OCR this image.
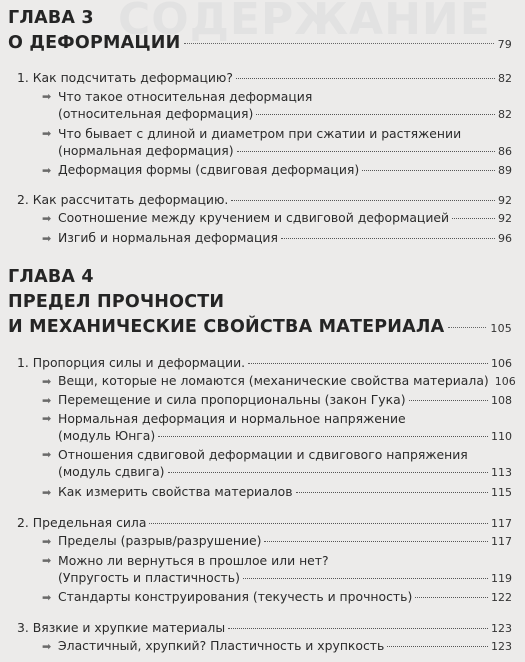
СОДЕРЖАНИЕ
ГЛАВА 3
О ДЕФОРМАЦИИ	79
1. Как подсчитать деформацию?	82
➡ Что такое относительная деформация
(относительная деформация)	82
➡ Что бывает с длиной и диаметром при сжатии и растяжении
(нормальная деформация)	86
➡ Деформация формы (сдвиговая деформация)	89
2. Как рассчитать деформацию.	92
➡ Соотношение между кручением и сдвиговой деформацией	92
➡ Изгиб и нормальная деформация	96
ГЛАВА 4
ПРЕДЕЛ ПРОЧНОСТИ
И МЕХАНИЧЕСКИЕ СВОЙСТВА МАТЕРИАЛА	105
1. Пропорция силы и деформации.	106
➡ Вещи, которые не ломаются (механические свойства материала) 106
➡ Перемещение и сила пропорциональны (закон Гука)	108
➡ Нормальная деформация и нормальное напряжение
(модуль Юнга)	110
➡ Отношения сдвиговой деформации и сдвигового напряжения
(модуль сдвига)	113
➡ Как измерить свойства материалов	115
2. Предельная сила	117
➡ Пределы (разрыв/разрушение)	117
➡ Можно ли вернуться в прошлое или нет?
(Упругость и пластичность)	119
➡ Стандарты конструирования (текучесть и прочность)	122
3. Вязкие и хрупкие материалы	123
➡ Эластичный, хрупкий? Пластичность и хрупкость	123
